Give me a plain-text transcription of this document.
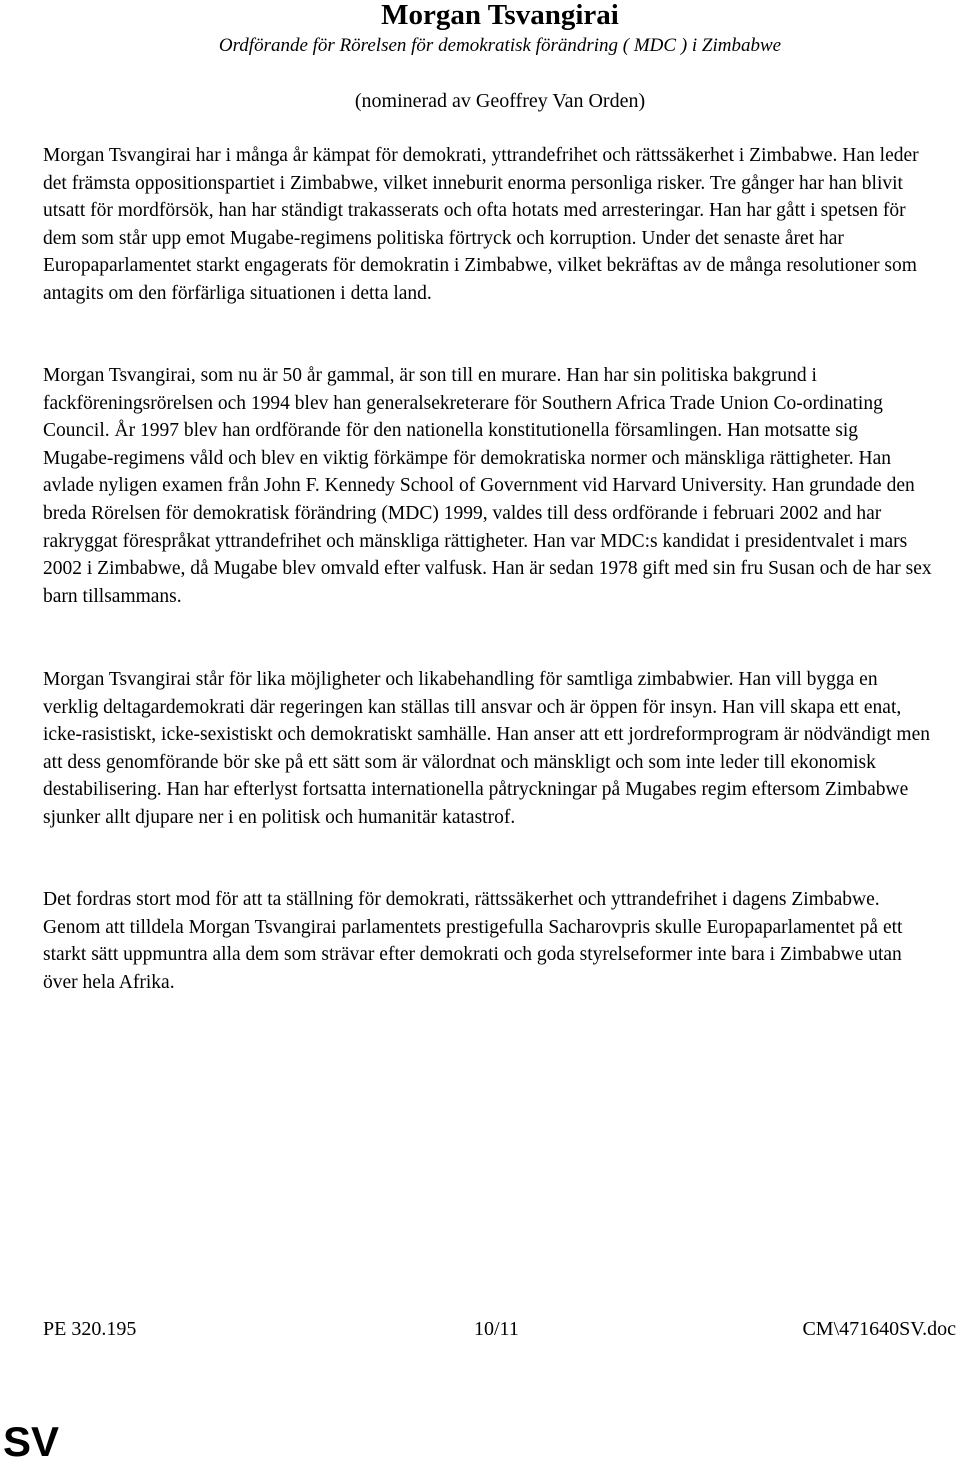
Morgan Tsvangirai
Ordförande för Rörelsen för demokratisk förändring ( MDC ) i Zimbabwe
(nominerad av Geoffrey Van Orden)

Morgan Tsvangirai har i många år kämpat för demokrati, yttrandefrihet och rättssäkerhet i Zimbabwe. Han leder det främsta oppositionspartiet i Zimbabwe, vilket inneburit enorma personliga risker. Tre gånger har han blivit utsatt för mordförsök, han har ständigt trakasserats och ofta hotats med arresteringar. Han har gått i spetsen för dem som står upp emot Mugabe-regimens politiska förtryck och korruption. Under det senaste året har Europaparlamentet starkt engagerats för demokratin i Zimbabwe, vilket bekräftas av de många resolutioner som antagits om den förfärliga situationen i detta land.

Morgan Tsvangirai, som nu är 50 år gammal, är son till en murare. Han har sin politiska bakgrund i fackföreningsrörelsen och 1994 blev han generalsekreterare för Southern Africa Trade Union Co-ordinating Council. År 1997 blev han ordförande för den nationella konstitutionella församlingen. Han motsatte sig Mugabe-regimens våld och blev en viktig förkämpe för demokratiska normer och mänskliga rättigheter. Han avlade nyligen examen från John F. Kennedy School of Government vid Harvard University. Han grundade den breda Rörelsen för demokratisk förändring (MDC) 1999, valdes till dess ordförande i februari 2002 and har rakryggat förespråkat yttrandefrihet och mänskliga rättigheter. Han var MDC:s kandidat i presidentvalet i mars 2002 i Zimbabwe, då Mugabe blev omvald efter valfusk. Han är sedan 1978 gift med sin fru Susan och de har sex barn tillsammans.

Morgan Tsvangirai står för lika möjligheter och likabehandling för samtliga zimbabwier. Han vill bygga en verklig deltagardemokrati där regeringen kan ställas till ansvar och är öppen för insyn. Han vill skapa ett enat, icke-rasistiskt, icke-sexistiskt och demokratiskt samhälle. Han anser att ett jordreformprogram är nödvändigt men att dess genomförande bör ske på ett sätt som är välordnat och mänskligt och som inte leder till ekonomisk destabilisering. Han har efterlyst fortsatta internationella påtryckningar på Mugabes regim eftersom Zimbabwe sjunker allt djupare ner i en politisk och humanitär katastrof.

Det fordras stort mod för att ta ställning för demokrati, rättssäkerhet och yttrandefrihet i dagens Zimbabwe. Genom att tilldela Morgan Tsvangirai parlamentets prestigefulla Sacharovpris skulle Europaparlamentet på ett starkt sätt uppmuntra alla dem som strävar efter demokrati och goda styrelseformer inte bara i Zimbabwe utan över hela Afrika.

PE 320.195	10/11	CM\471640SV.doc
SV
